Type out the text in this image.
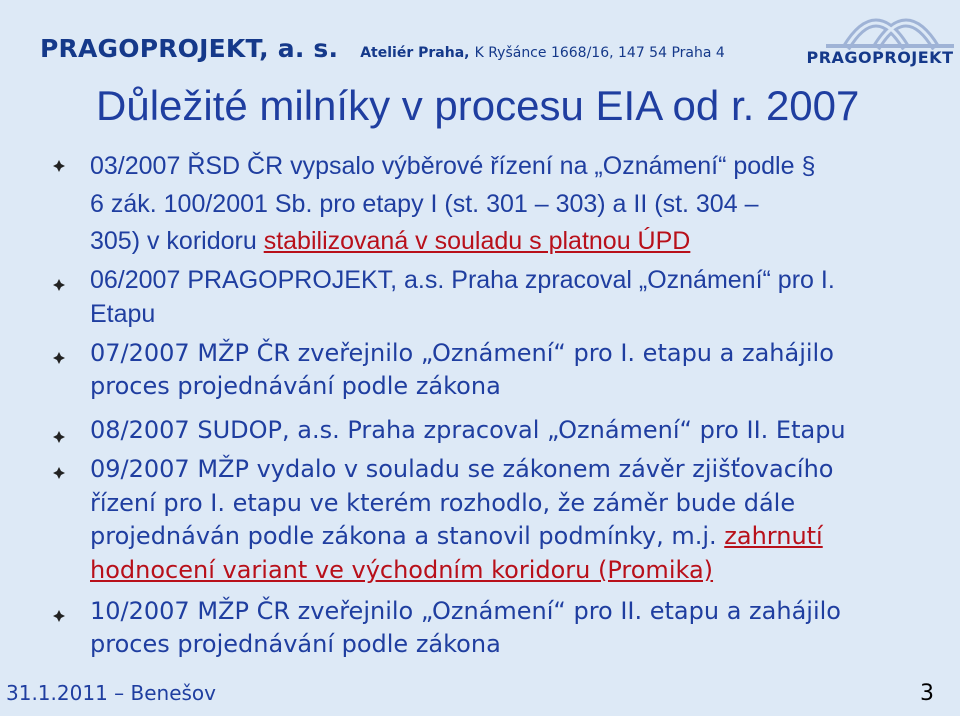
PRAGOPROJEKT, a. s. Ateliér Praha, K Ryšánce 1668/16, 147 54 Praha 4	PRAGOPROJEKT
Důležité milníky v procesu EIA od r. 2007
03/2007 ŘSD ČR vypsalo výběrové řízení na „Oznámení“ podle §
6 zák. 100/2001 Sb. pro etapy I (st. 301 – 303) a II (st. 304 –
305) v koridoru stabilizovaná v souladu s platnou ÚPD
06/2007 PRAGOPROJEKT, a.s. Praha zpracoval „Oznámení“ pro I.
Etapu
07/2007 MŽP ČR zveřejnilo „Oznámení“ pro I. etapu a zahájilo
proces projednávání podle zákona
08/2007 SUDOP, a.s. Praha zpracoval „Oznámení“ pro II. Etapu
09/2007 MŽP vydalo v souladu se zákonem závěr zjišťovacího
řízení pro I. etapu ve kterém rozhodlo, že záměr bude dále
projednáván podle zákona a stanovil podmínky, m.j. zahrnutí
hodnocení variant ve východním koridoru (Promika)
10/2007 MŽP ČR zveřejnilo „Oznámení“ pro II. etapu a zahájilo
proces projednávání podle zákona
31.1.2011 – Benešov	3
